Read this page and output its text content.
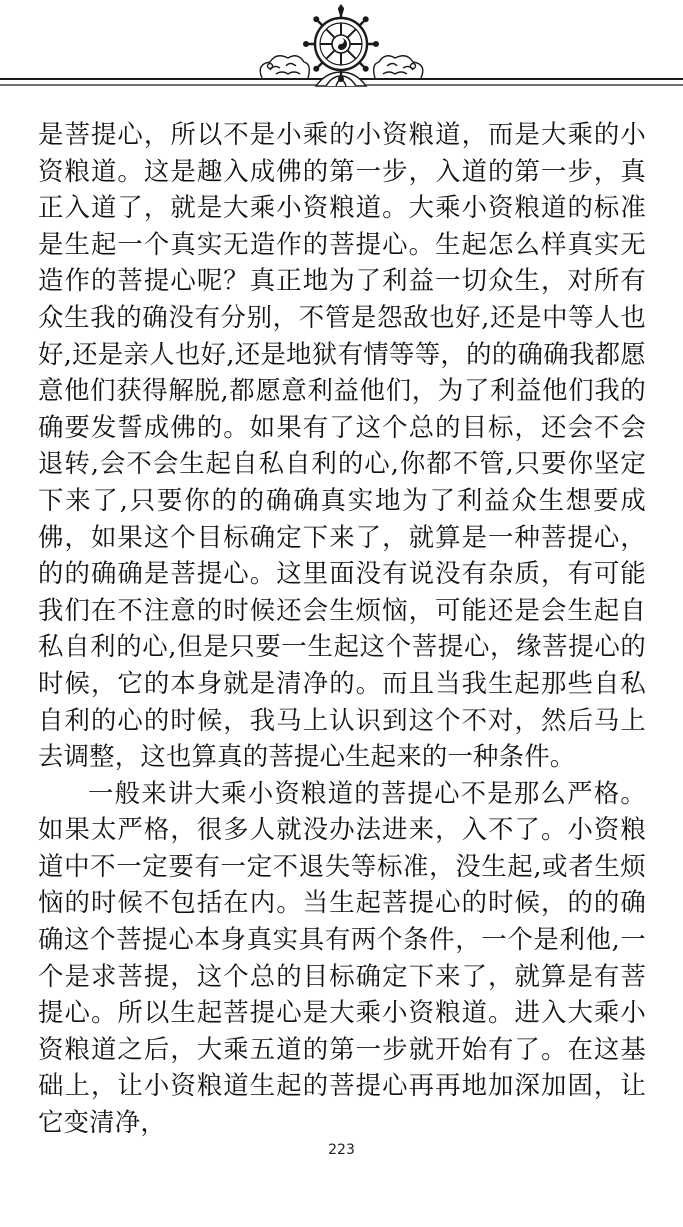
是菩提心，所以不是小乘的小资粮道，而是大乘的小资粮道。这是趣入成佛的第一步，入道的第一步，真正入道了，就是大乘小资粮道。大乘小资粮道的标准是生起一个真实无造作的菩提心。生起怎么样真实无造作的菩提心呢？真正地为了利益一切众生，对所有众生我的确没有分别，不管是怨敌也好,还是中等人也好,还是亲人也好,还是地狱有情等等，的的确确我都愿意他们获得解脱,都愿意利益他们，为了利益他们我的确要发誓成佛的。如果有了这个总的目标，还会不会退转,会不会生起自私自利的心,你都不管,只要你坚定下来了,只要你的的确确真实地为了利益众生想要成佛，如果这个目标确定下来了，就算是一种菩提心，的的确确是菩提心。这里面没有说没有杂质，有可能我们在不注意的时候还会生烦恼，可能还是会生起自私自利的心,但是只要一生起这个菩提心，缘菩提心的时候，它的本身就是清净的。而且当我生起那些自私自利的心的时候，我马上认识到这个不对，然后马上去调整，这也算真的菩提心生起来的一种条件。

一般来讲大乘小资粮道的菩提心不是那么严格。如果太严格，很多人就没办法进来，入不了。小资粮道中不一定要有一定不退失等标准，没生起,或者生烦恼的时候不包括在内。当生起菩提心的时候，的的确确这个菩提心本身真实具有两个条件，一个是利他,一个是求菩提，这个总的目标确定下来了，就算是有菩提心。所以生起菩提心是大乘小资粮道。进入大乘小资粮道之后，大乘五道的第一步就开始有了。在这基础上，让小资粮道生起的菩提心再再地加深加固，让它变清净，

223
